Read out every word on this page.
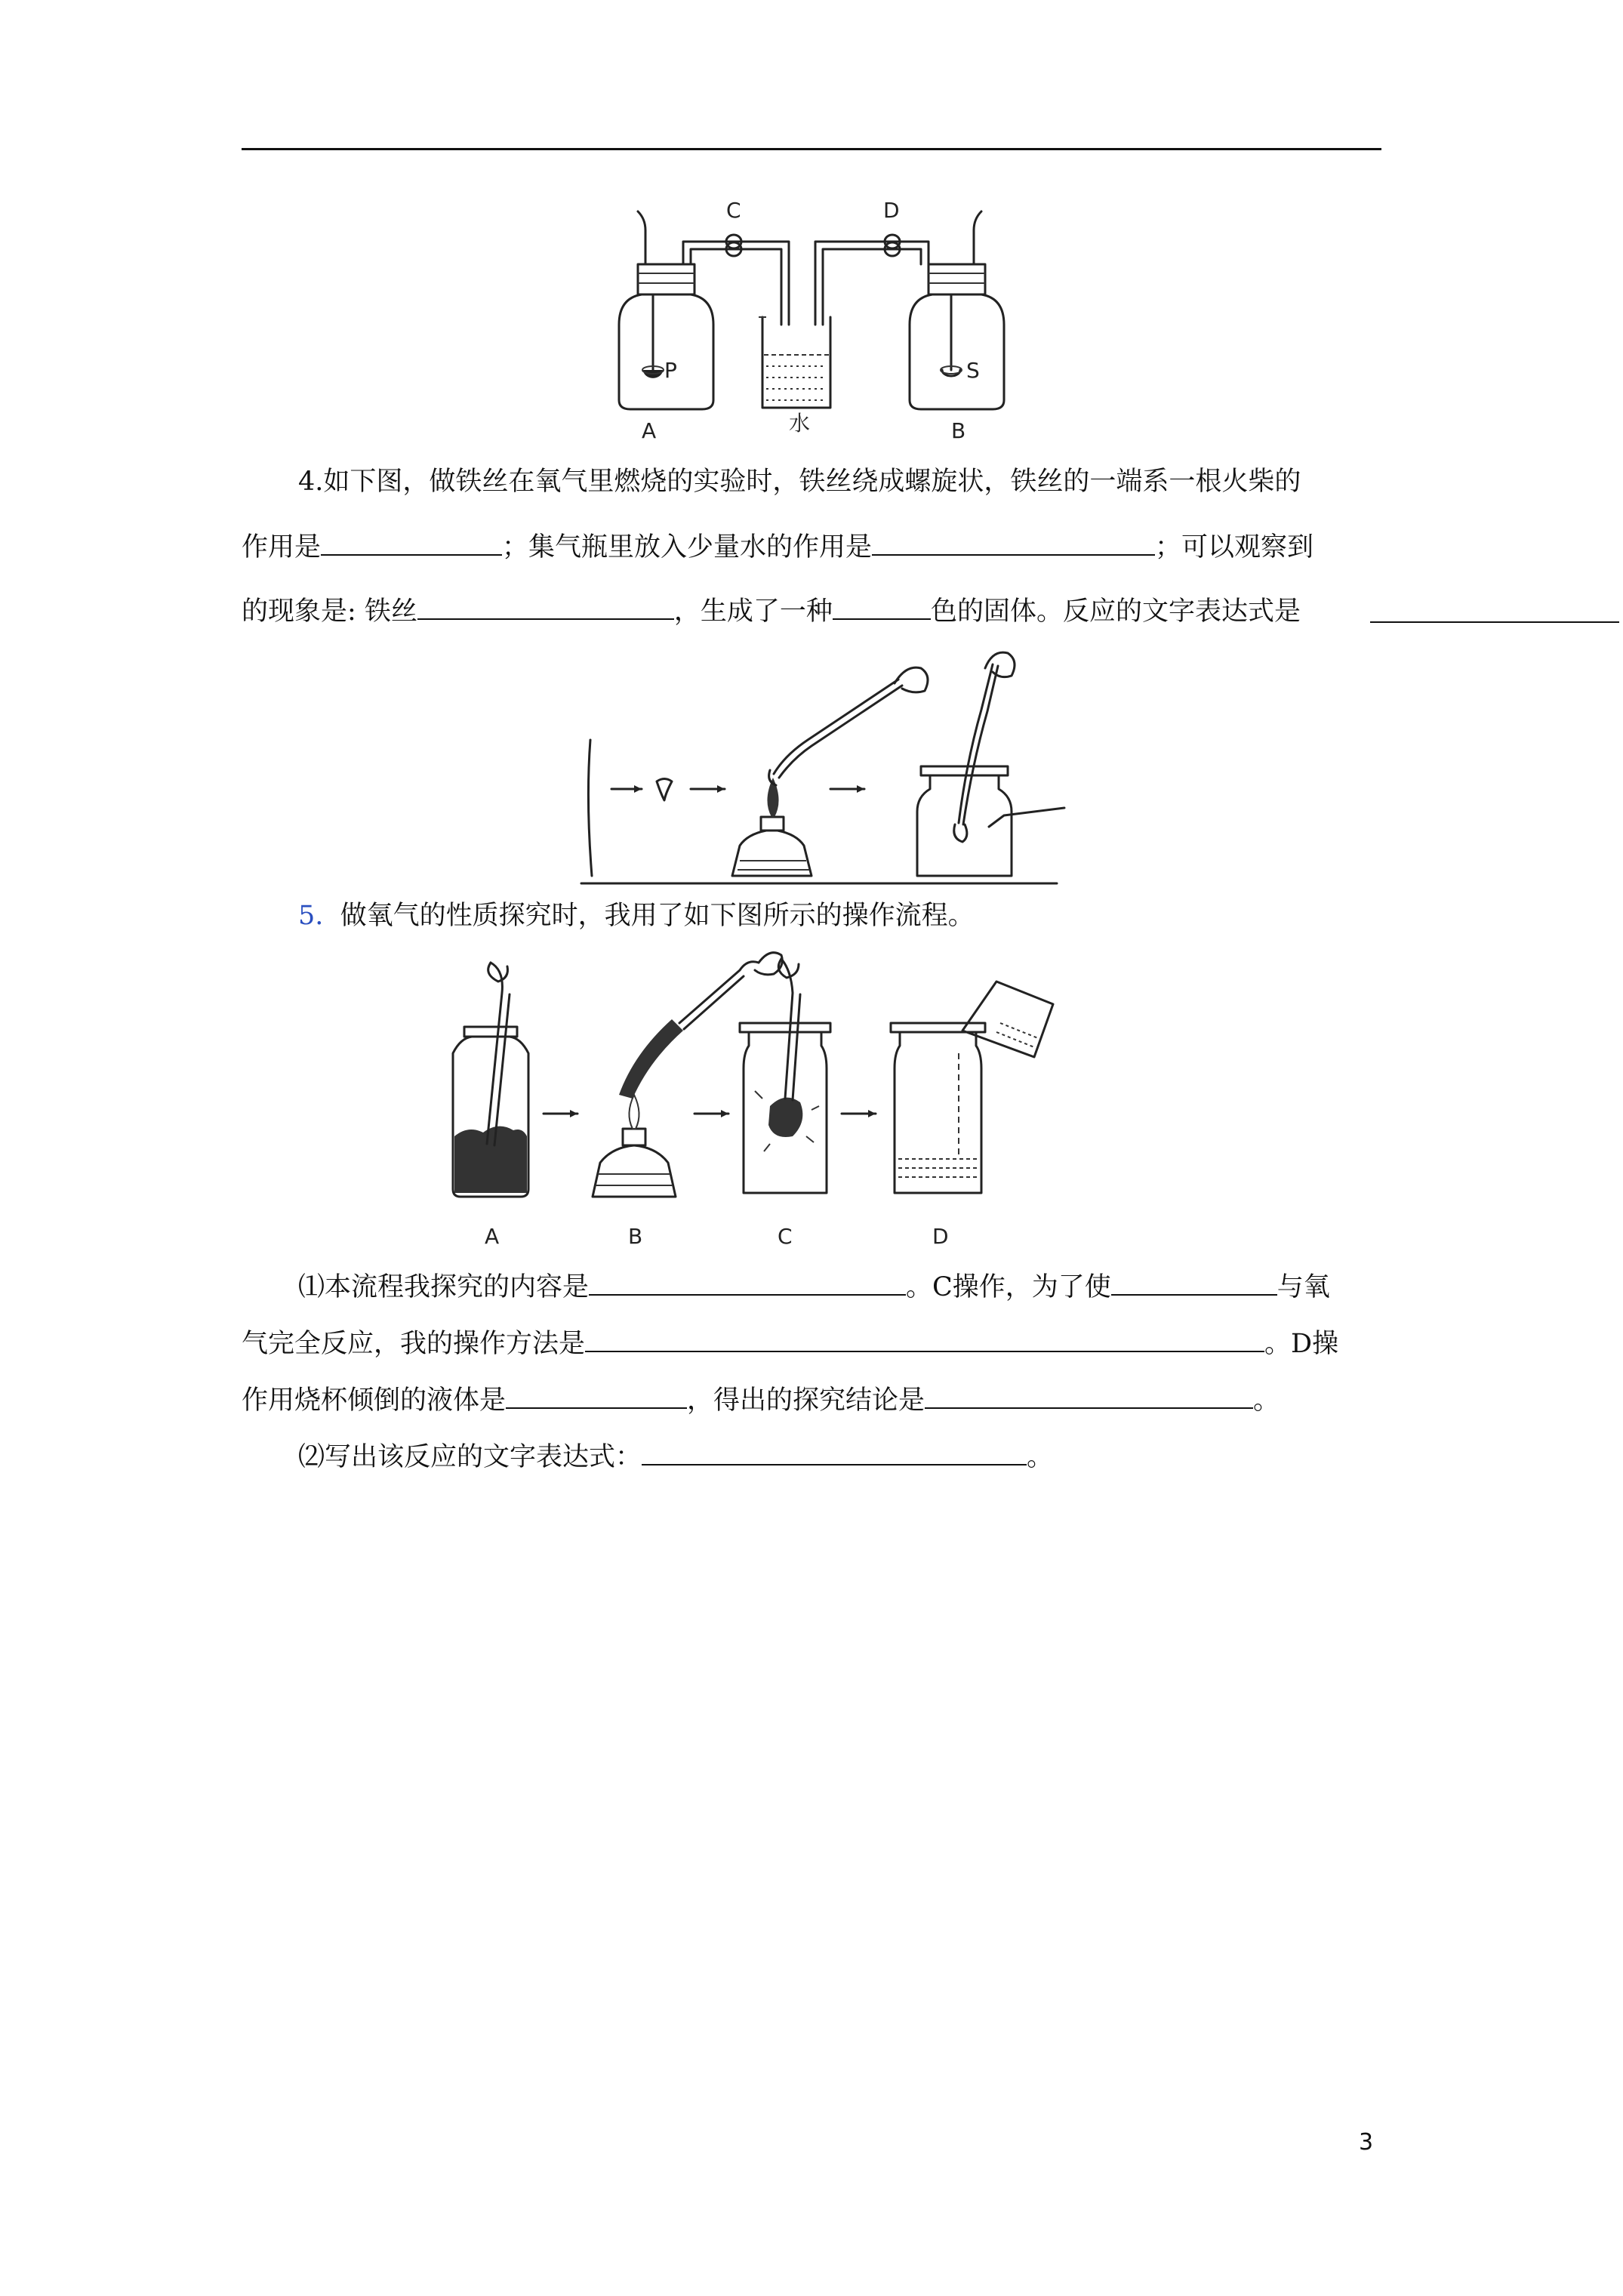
C	D
P	S
A	水	B
4.如下图，做铁丝在氧气里燃烧的实验时，铁丝绕成螺旋状，铁丝的一端系一根火柴的
作用是	；集气瓶里放入少量水的作用是	；可以观察到
的现象是: 铁丝	，生成了一种	色的固体。反应的文字表达式是
5. 做氧气的性质探究时，我用了如下图所示的操作流程。
A	B	C	D
⑴本流程我探究的内容是	。C操作，为了使	与氧
气完全反应，我的操作方法是	。D操
作用烧杯倾倒的液体是	，得出的探究结论是	。
⑵写出该反应的文字表达式：	。
3
